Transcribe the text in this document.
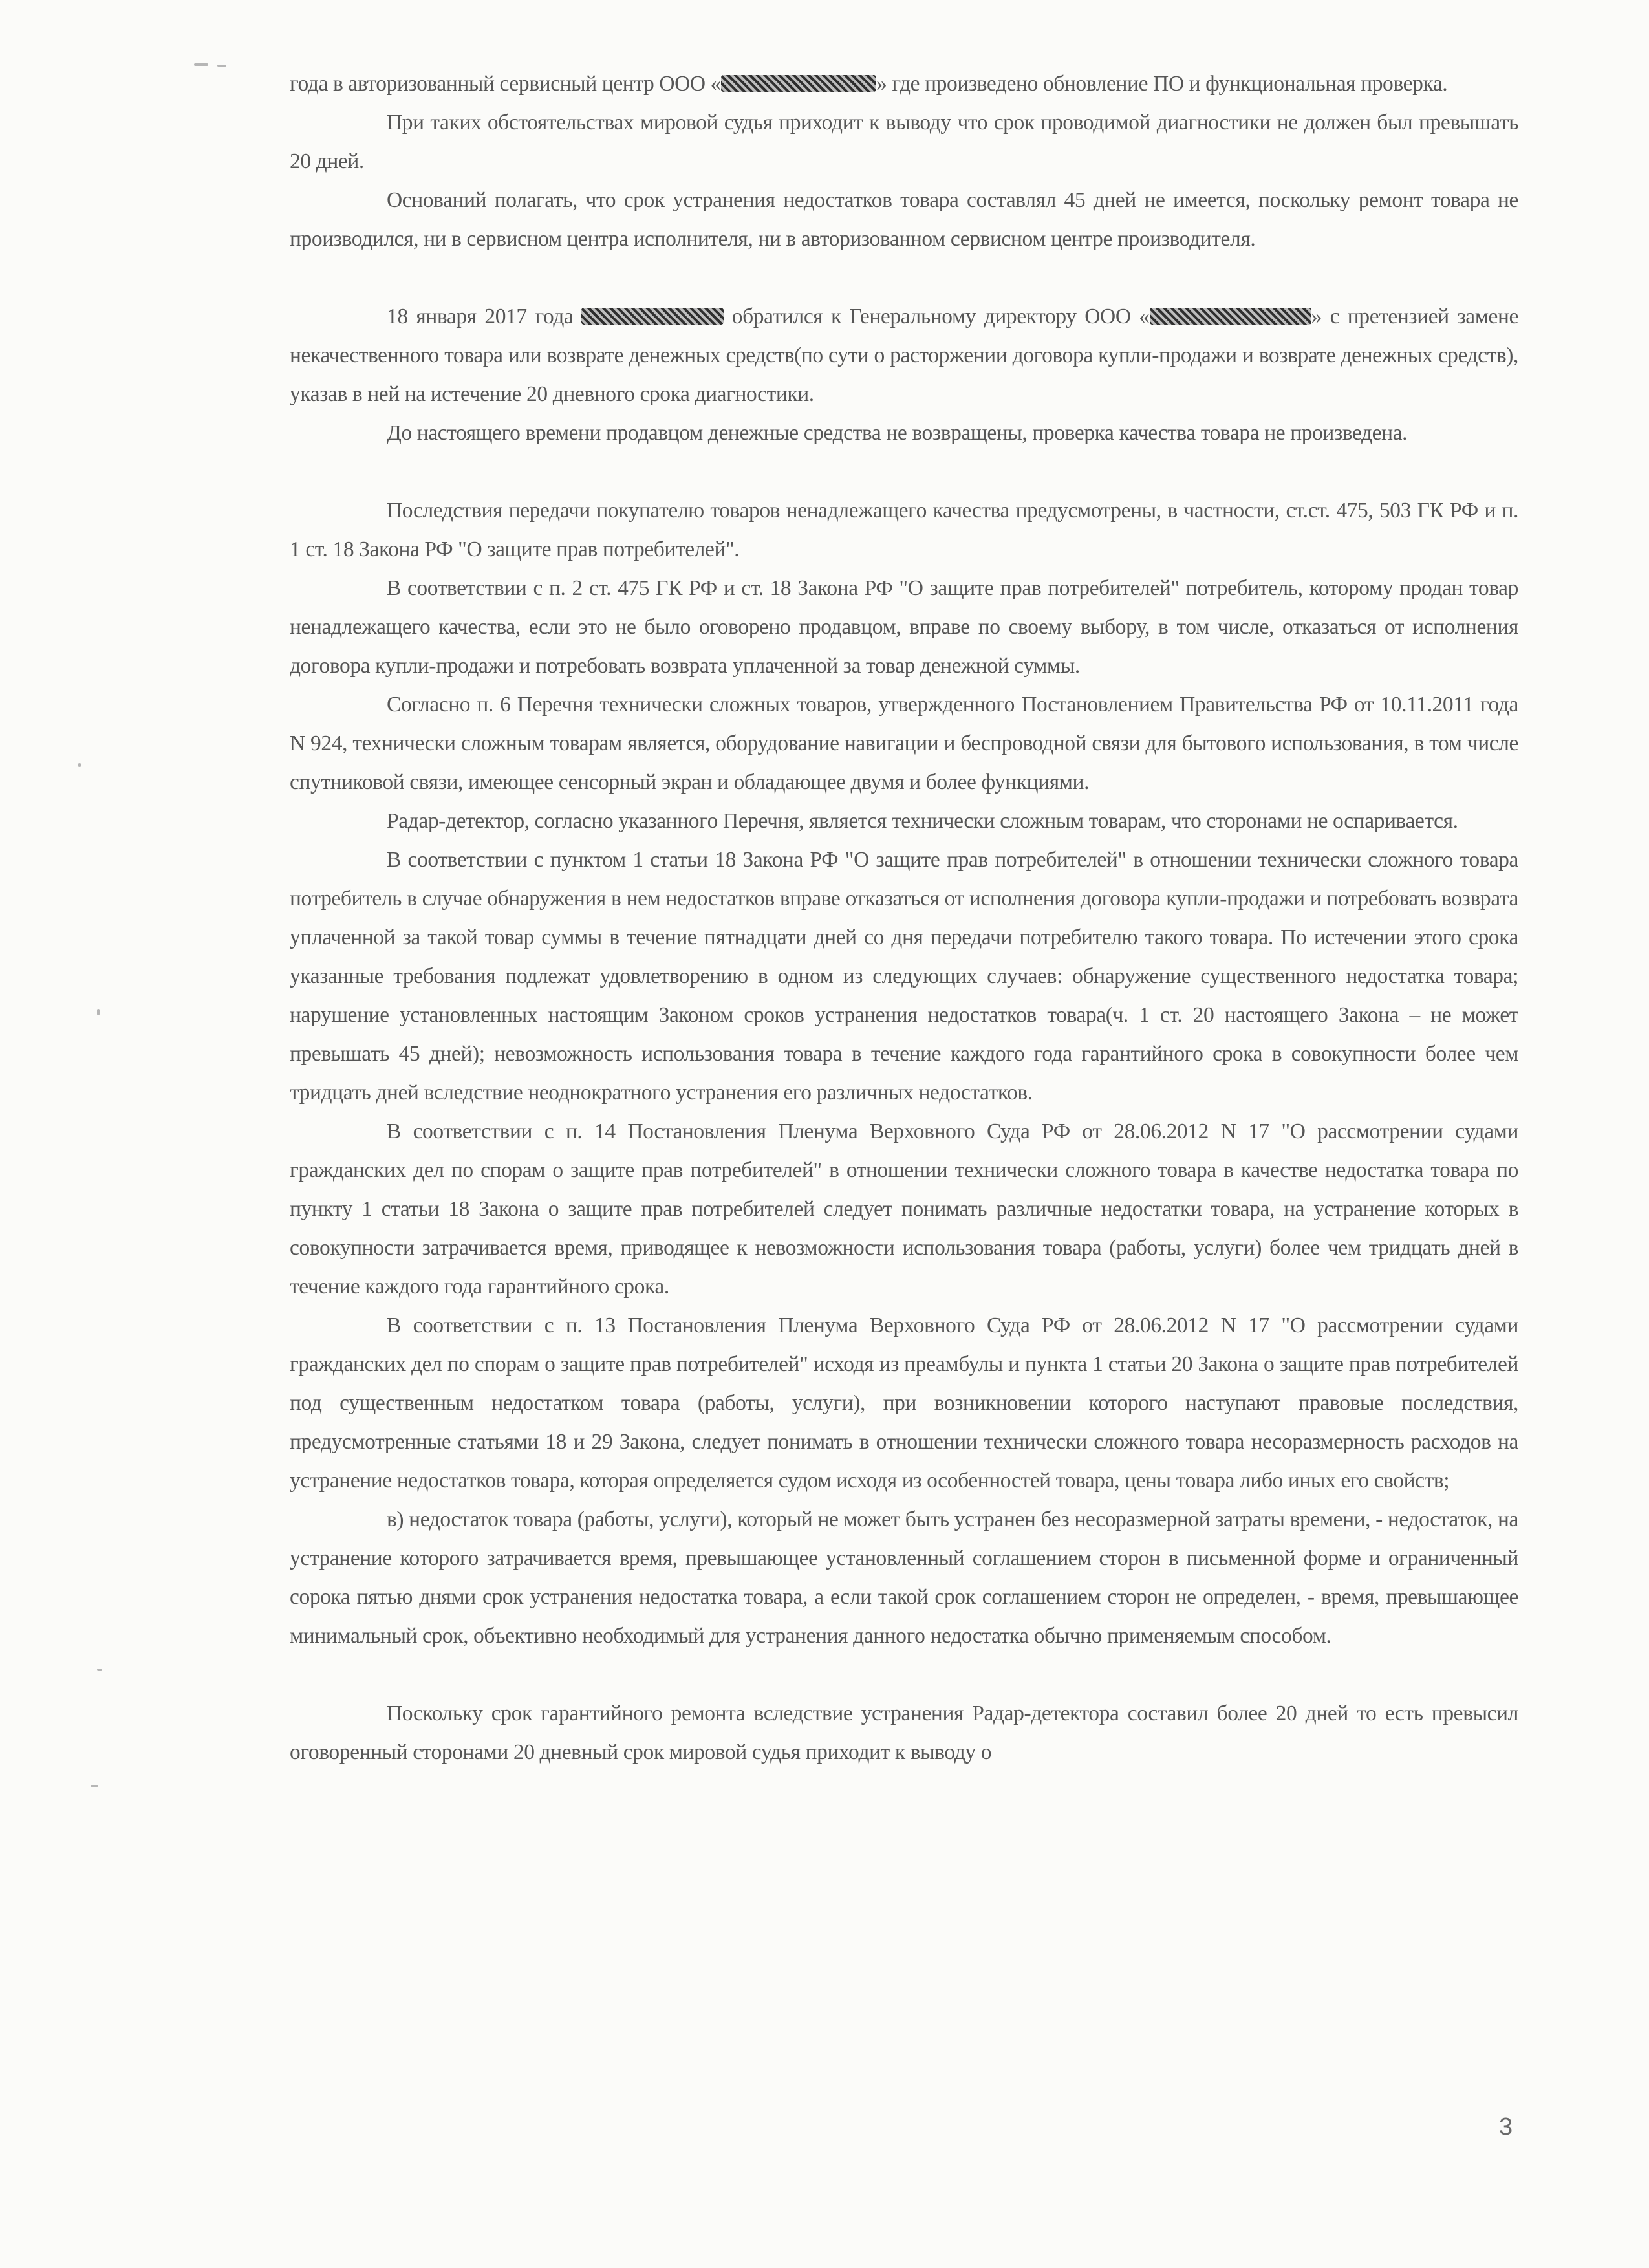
года в авторизованный сервисный центр ООО «	» где произведено обновление ПО и функциональная проверка.

При таких обстоятельствах мировой судья приходит к выводу что срок проводимой диагностики не должен был превышать 20 дней.

Оснований полагать, что срок устранения недостатков товара составлял 45 дней не имеется, поскольку ремонт товара не производился, ни в сервисном центра исполнителя, ни в авторизованном сервисном центре производителя.

18 января 2017 года	обратился к Генеральному директору ООО «	» с претензией замене некачественного товара или возврате денежных средств(по сути о расторжении договора купли-продажи и возврате денежных средств), указав в ней на истечение 20 дневного срока диагностики.

До настоящего времени продавцом денежные средства не возвращены, проверка качества товара не произведена.

Последствия передачи покупателю товаров ненадлежащего качества предусмотрены, в частности, ст.ст. 475, 503 ГК РФ и п. 1 ст. 18 Закона РФ "О защите прав потребителей".

В соответствии с п. 2 ст. 475 ГК РФ и ст. 18 Закона РФ "О защите прав потребителей" потребитель, которому продан товар ненадлежащего качества, если это не было оговорено продавцом, вправе по своему выбору, в том числе, отказаться от исполнения договора купли-продажи и потребовать возврата уплаченной за товар денежной суммы.

Согласно п. 6 Перечня технически сложных товаров, утвержденного Постановлением Правительства РФ от 10.11.2011 года N 924, технически сложным товарам является, оборудование навигации и беспроводной связи для бытового использования, в том числе спутниковой связи, имеющее сенсорный экран и обладающее двумя и более функциями.

Радар-детектор, согласно указанного Перечня, является технически сложным товарам, что сторонами не оспаривается.

В соответствии с пунктом 1 статьи 18 Закона РФ "О защите прав потребителей" в отношении технически сложного товара потребитель в случае обнаружения в нем недостатков вправе отказаться от исполнения договора купли-продажи и потребовать возврата уплаченной за такой товар суммы в течение пятнадцати дней со дня передачи потребителю такого товара. По истечении этого срока указанные требования подлежат удовлетворению в одном из следующих случаев: обнаружение существенного недостатка товара; нарушение установленных настоящим Законом сроков устранения недостатков товара(ч. 1 ст. 20 настоящего Закона – не может превышать 45 дней); невозможность использования товара в течение каждого года гарантийного срока в совокупности более чем тридцать дней вследствие неоднократного устранения его различных недостатков.

В соответствии с п. 14 Постановления Пленума Верховного Суда РФ от 28.06.2012 N 17 "О рассмотрении судами гражданских дел по спорам о защите прав потребителей" в отношении технически сложного товара в качестве недостатка товара по пункту 1 статьи 18 Закона о защите прав потребителей следует понимать различные недостатки товара, на устранение которых в совокупности затрачивается время, приводящее к невозможности использования товара (работы, услуги) более чем тридцать дней в течение каждого года гарантийного срока.

В соответствии с п. 13 Постановления Пленума Верховного Суда РФ от 28.06.2012 N 17 "О рассмотрении судами гражданских дел по спорам о защите прав потребителей" исходя из преамбулы и пункта 1 статьи 20 Закона о защите прав потребителей под существенным недостатком товара (работы, услуги), при возникновении которого наступают правовые последствия, предусмотренные статьями 18 и 29 Закона, следует понимать в отношении технически сложного товара несоразмерность расходов на устранение недостатков товара, которая определяется судом исходя из особенностей товара, цены товара либо иных его свойств;

в) недостаток товара (работы, услуги), который не может быть устранен без несоразмерной затраты времени, - недостаток, на устранение которого затрачивается время, превышающее установленный соглашением сторон в письменной форме и ограниченный сорока пятью днями срок устранения недостатка товара, а если такой срок соглашением сторон не определен, - время, превышающее минимальный срок, объективно необходимый для устранения данного недостатка обычно применяемым способом.

Поскольку срок гарантийного ремонта вследствие устранения Радар-детектора составил более 20 дней то есть превысил оговоренный сторонами 20 дневный срок мировой судья приходит к выводу о

3
